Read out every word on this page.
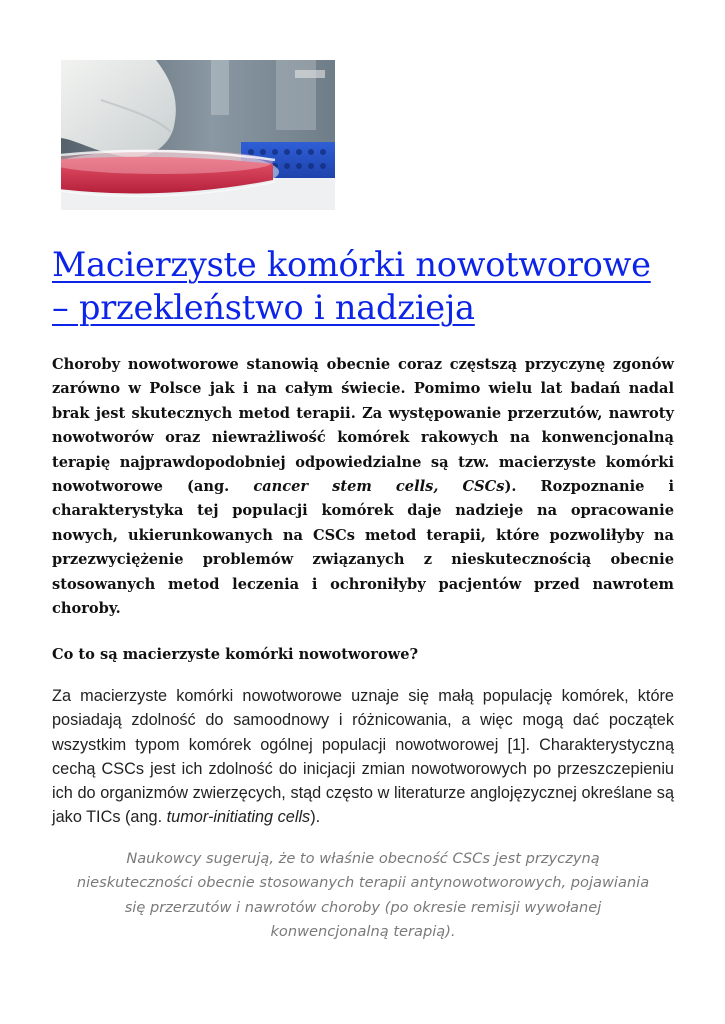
Macierzyste komórki nowotworowe – przekleństwo i nadzieja

Choroby nowotworowe stanowią obecnie coraz częstszą przyczynę zgonów zarówno w Polsce jak i na całym świecie. Pomimo wielu lat badań nadal brak jest skutecznych metod terapii. Za występowanie przerzutów, nawroty nowotworów oraz niewrażliwość komórek rakowych na konwencjonalną terapię najprawdopodobniej odpowiedzialne są tzw. macierzyste komórki nowotworowe (ang. cancer stem cells, CSCs). Rozpoznanie i charakterystyka tej populacji komórek daje nadzieje na opracowanie nowych, ukierunkowanych na CSCs metod terapii, które pozwoliłyby na przezwyciężenie problemów związanych z nieskutecznością obecnie stosowanych metod leczenia i ochroniłyby pacjentów przed nawrotem choroby.

Co to są macierzyste komórki nowotworowe?

Za macierzyste komórki nowotworowe uznaje się małą populację komórek, które posiadają zdolność do samoodnowy i różnicowania, a więc mogą dać początek wszystkim typom komórek ogólnej populacji nowotworowej [1]. Charakterystyczną cechą CSCs jest ich zdolność do inicjacji zmian nowotworowych po przeszczepieniu ich do organizmów zwierzęcych, stąd często w literaturze anglojęzycznej określane są jako TICs (ang. tumor-initiating cells).

Naukowcy sugerują, że to właśnie obecność CSCs jest przyczyną nieskuteczności obecnie stosowanych terapii antynowotworowych, pojawiania się przerzutów i nawrotów choroby (po okresie remisji wywołanej konwencjonalną terapią).
